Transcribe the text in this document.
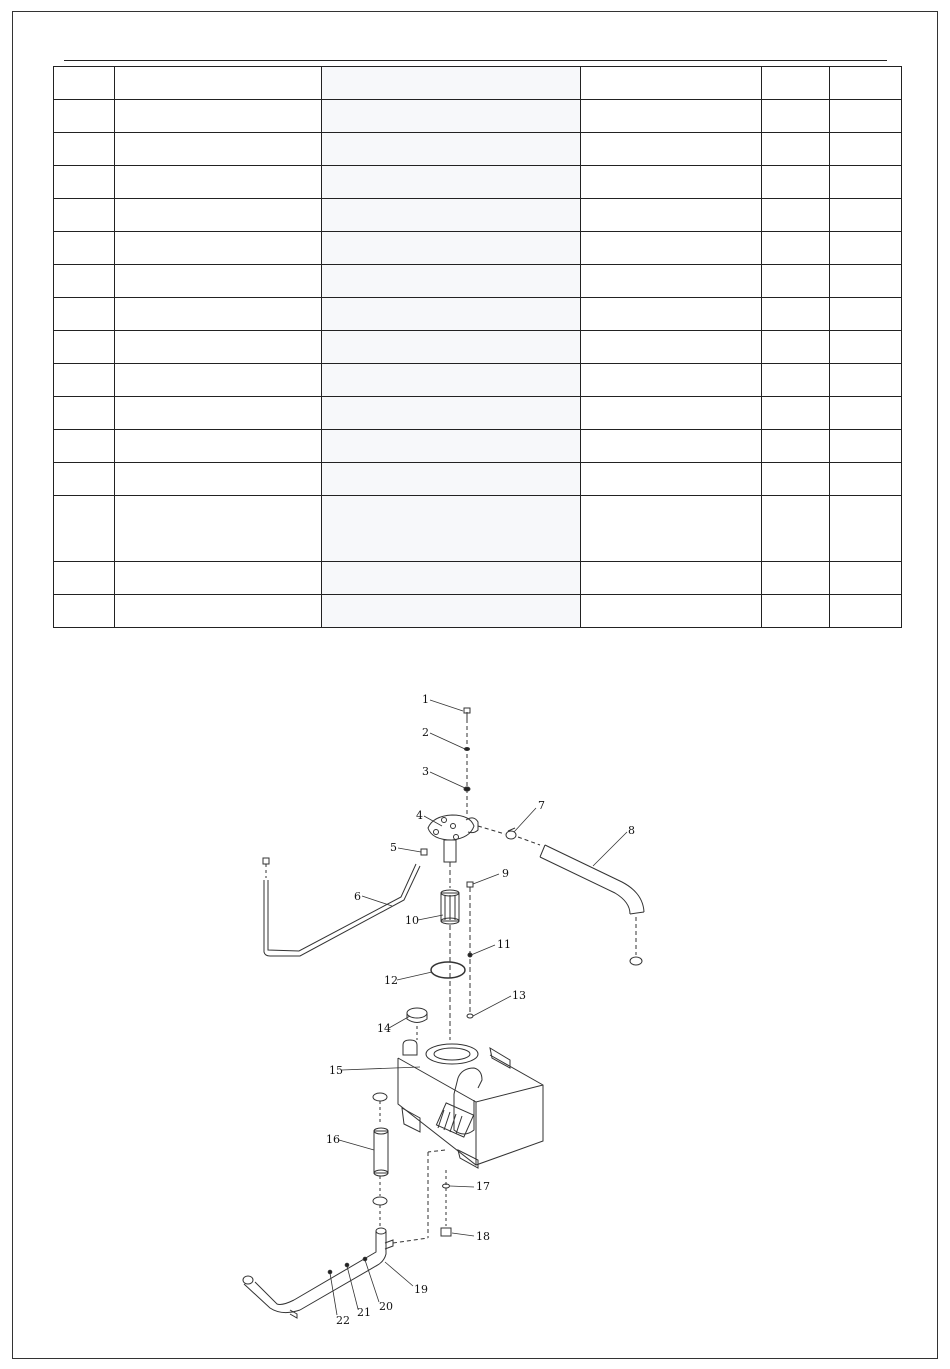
1
2
3
4
5
6
7
8
9
10
11
12
13
14
15
16
17
18
19
20
21
22
